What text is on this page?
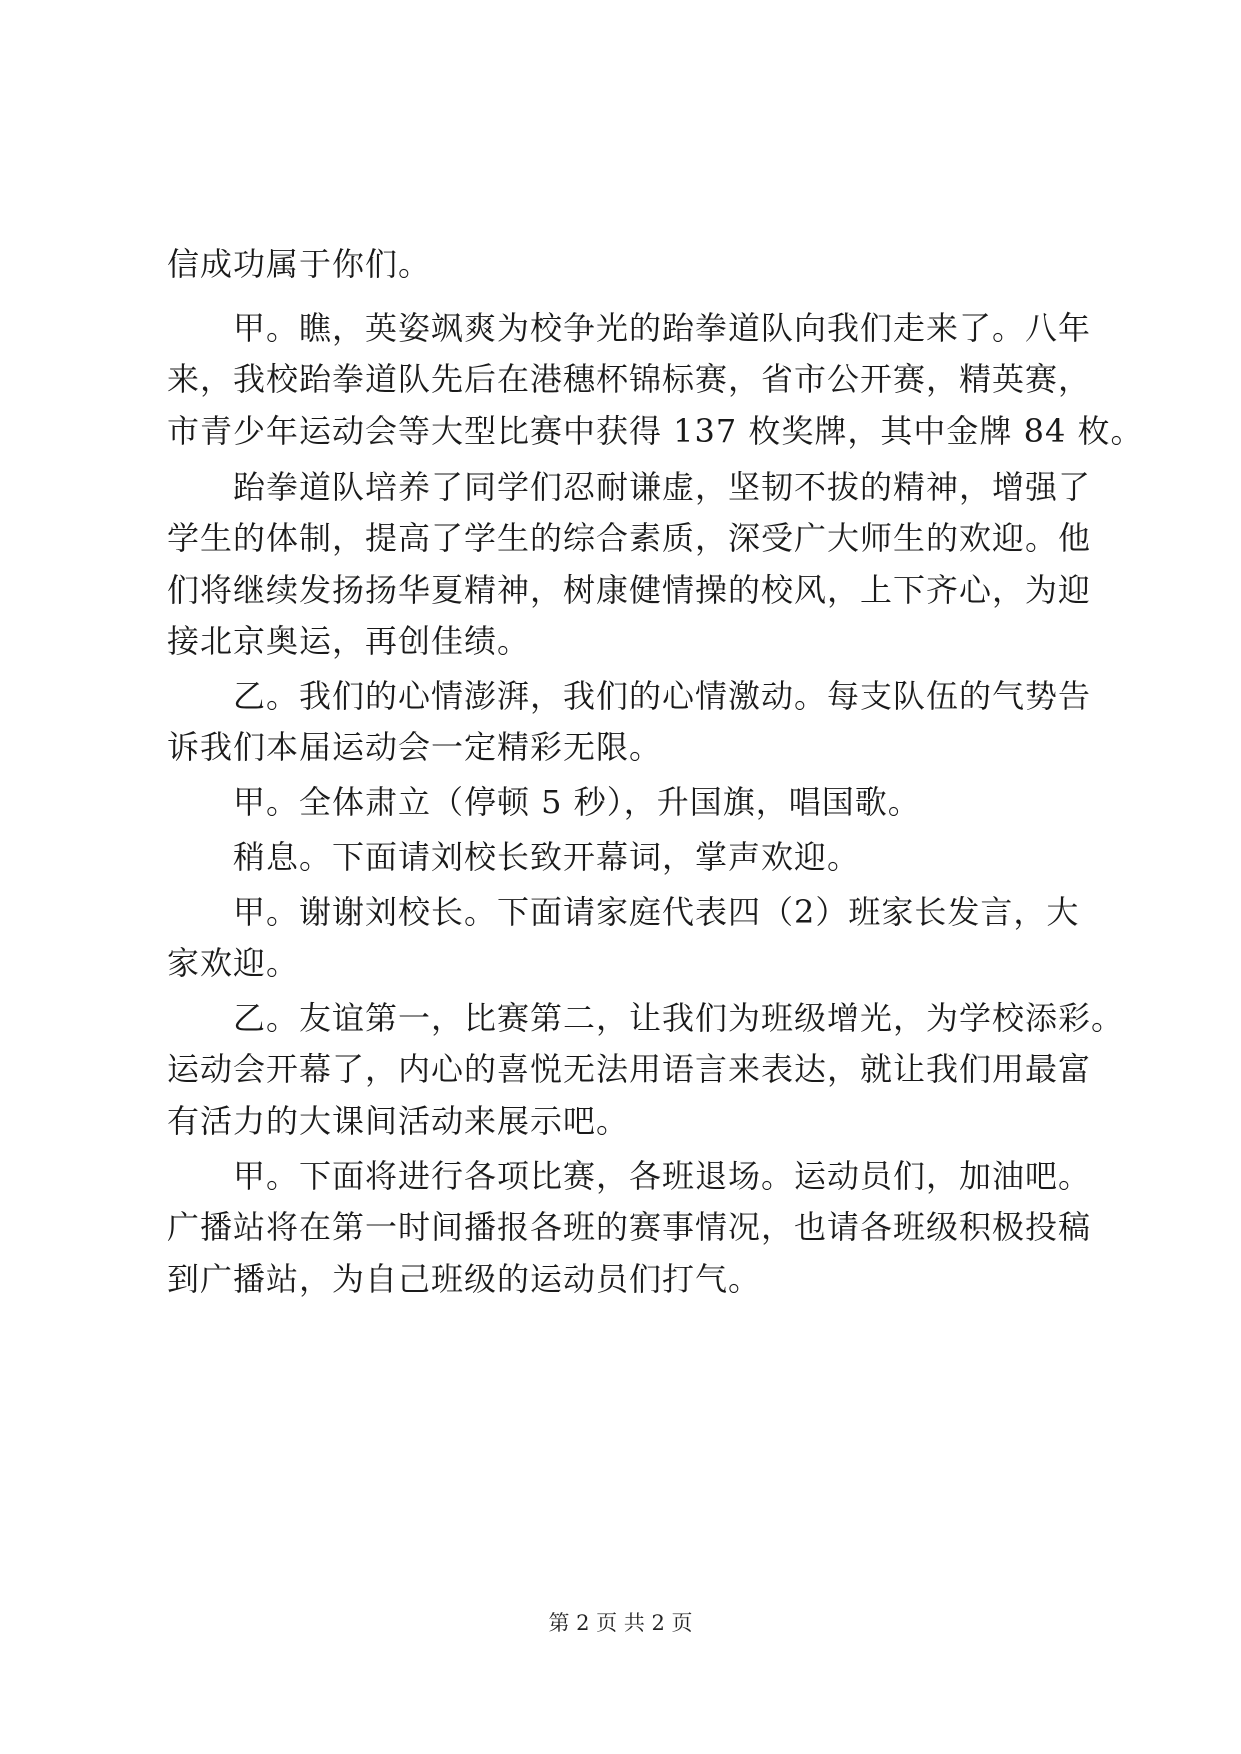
信成功属于你们。
　　甲。瞧，英姿飒爽为校争光的跆拳道队向我们走来了。八年
来，我校跆拳道队先后在港穗杯锦标赛，省市公开赛，精英赛，
市青少年运动会等大型比赛中获得 137 枚奖牌，其中金牌 84 枚。
　　跆拳道队培养了同学们忍耐谦虚，坚韧不拔的精神，增强了
学生的体制，提高了学生的综合素质，深受广大师生的欢迎。他
们将继续发扬扬华夏精神，树康健情操的校风，上下齐心，为迎
接北京奥运，再创佳绩。
　　乙。我们的心情澎湃，我们的心情激动。每支队伍的气势告
诉我们本届运动会一定精彩无限。
　　甲。全体肃立（停顿 5 秒），升国旗，唱国歌。
　　稍息。下面请刘校长致开幕词，掌声欢迎。
　　甲。谢谢刘校长。下面请家庭代表四（2）班家长发言，大
家欢迎。
　　乙。友谊第一，比赛第二，让我们为班级增光，为学校添彩。
运动会开幕了，内心的喜悦无法用语言来表达，就让我们用最富
有活力的大课间活动来展示吧。
　　甲。下面将进行各项比赛，各班退场。运动员们，加油吧。
广播站将在第一时间播报各班的赛事情况，也请各班级积极投稿
到广播站，为自己班级的运动员们打气。
第 2 页 共 2 页
